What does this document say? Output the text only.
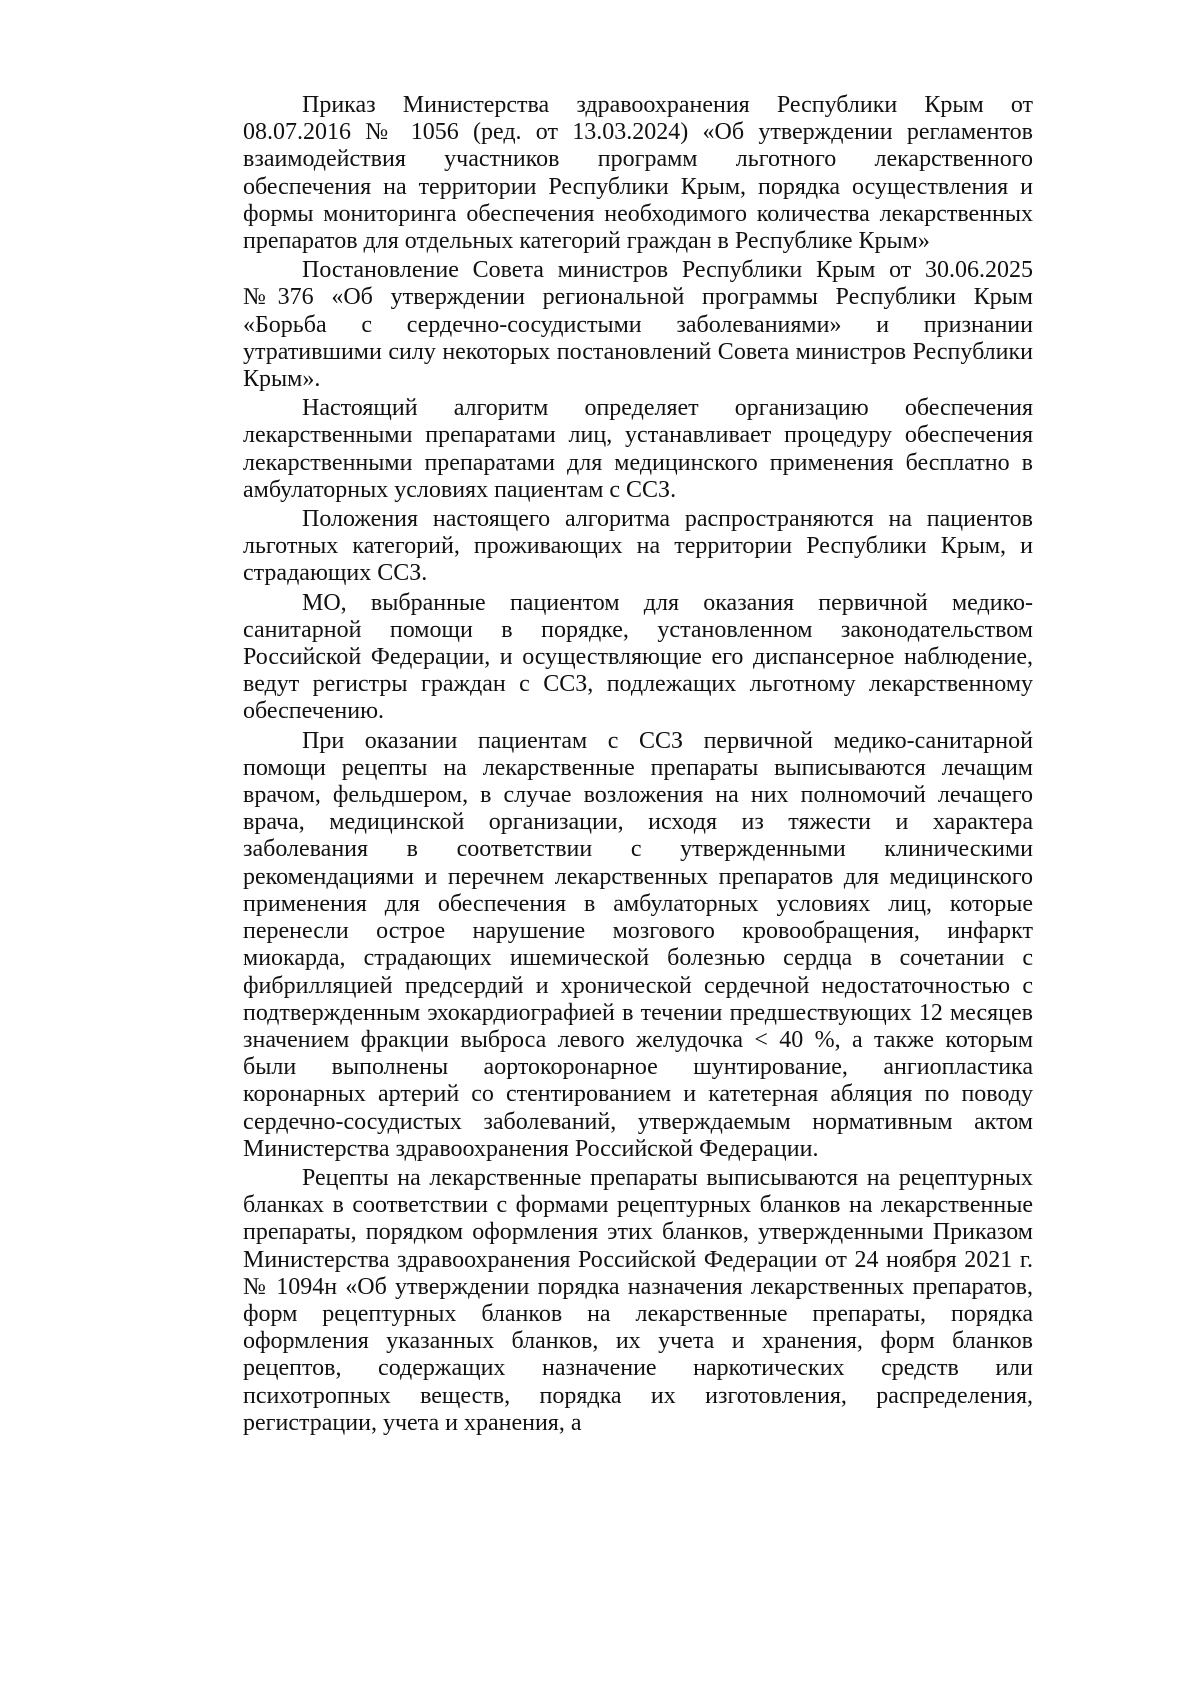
Приказ Министерства здравоохранения Республики Крым от 08.07.2016 № 1056 (ред. от 13.03.2024) «Об утверждении регламентов взаимодействия участников программ льготного лекарственного обеспечения на территории Республики Крым, порядка осуществления и формы мониторинга обеспечения необходимого количества лекарственных препаратов для отдельных категорий граждан в Республике Крым»

Постановление Совета министров Республики Крым от 30.06.2025 №376 «Об утверждении региональной программы Республики Крым «Борьба с сердечно-сосудистыми заболеваниями» и признании утратившими силу некоторых постановлений Совета министров Республики Крым».

Настоящий алгоритм определяет организацию обеспечения лекарственными препаратами лиц, устанавливает процедуру обеспечения лекарственными препаратами для медицинского применения бесплатно в амбулаторных условиях пациентам с ССЗ.

Положения настоящего алгоритма распространяются на пациентов льготных категорий, проживающих на территории Республики Крым, и страдающих ССЗ.

МО, выбранные пациентом для оказания первичной медико-санитарной помощи в порядке, установленном законодательством Российской Федерации, и осуществляющие его диспансерное наблюдение, ведут регистры граждан с ССЗ, подлежащих льготному лекарственному обеспечению.

При оказании пациентам с ССЗ первичной медико-санитарной помощи рецепты на лекарственные препараты выписываются лечащим врачом, фельдшером, в случае возложения на них полномочий лечащего врача, медицинской организации, исходя из тяжести и характера заболевания в соответствии с утвержденными клиническими рекомендациями и перечнем лекарственных препаратов для медицинского применения для обеспечения в амбулаторных условиях лиц, которые перенесли острое нарушение мозгового кровообращения, инфаркт миокарда, страдающих ишемической болезнью сердца в сочетании с фибрилляцией предсердий и хронической сердечной недостаточностью с подтвержденным эхокардиографией в течении предшествующих 12 месяцев значением фракции выброса левого желудочка < 40 %, а также которым были выполнены аортокоронарное шунтирование, ангиопластика коронарных артерий со стентированием и катетерная абляция по поводу сердечно-сосудистых заболеваний, утверждаемым нормативным актом Министерства здравоохранения Российской Федерации.

Рецепты на лекарственные препараты выписываются на рецептурных бланках в соответствии с формами рецептурных бланков на лекарственные препараты, порядком оформления этих бланков, утвержденными Приказом Министерства здравоохранения Российской Федерации от 24 ноября 2021 г. № 1094н «Об утверждении порядка назначения лекарственных препаратов, форм рецептурных бланков на лекарственные препараты, порядка оформления указанных бланков, их учета и хранения, форм бланков рецептов, содержащих назначение наркотических средств или психотропных веществ, порядка их изготовления, распределения, регистрации, учета и хранения, а
